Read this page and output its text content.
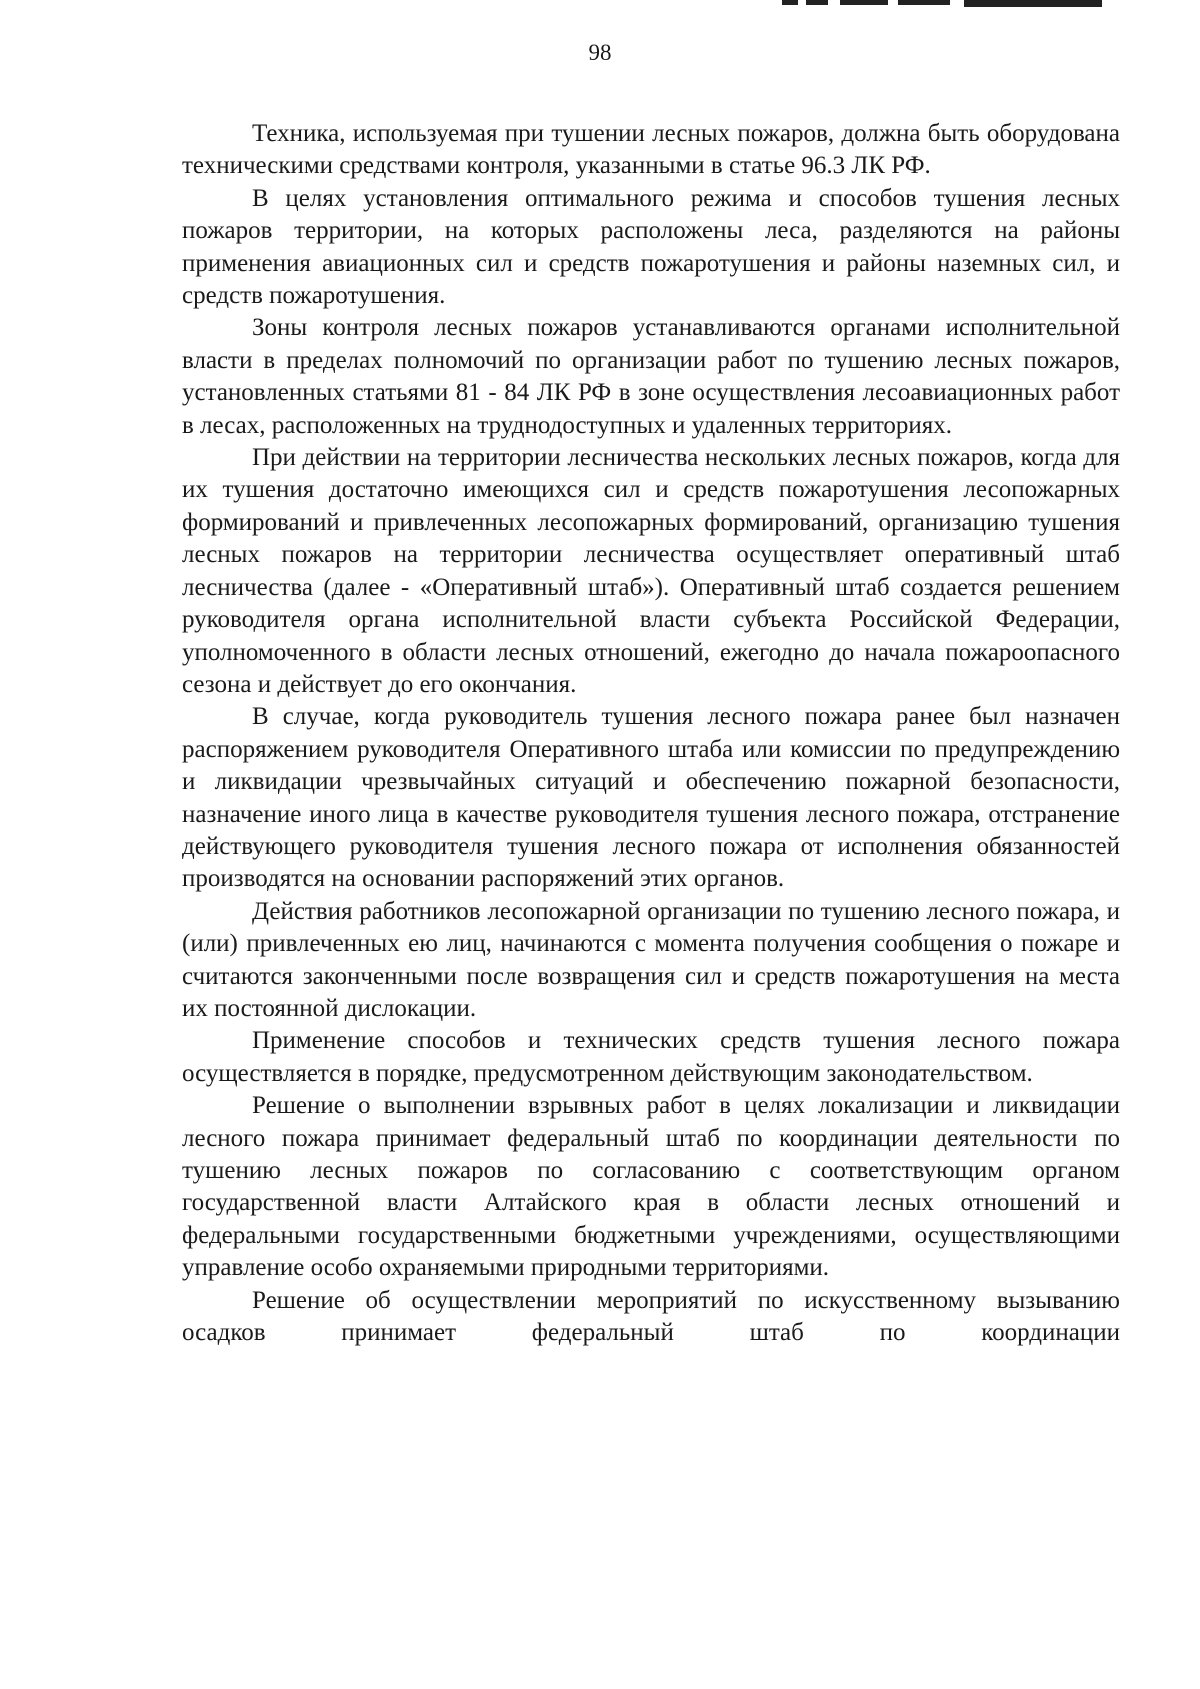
98

Техника, используемая при тушении лесных пожаров, должна быть оборудована техническими средствами контроля, указанными в статье 96.3 ЛК РФ.

В целях установления оптимального режима и способов тушения лесных пожаров территории, на которых расположены леса, разделяются на районы применения авиационных сил и средств пожаротушения и районы наземных сил, и средств пожаротушения.

Зоны контроля лесных пожаров устанавливаются органами исполнительной власти в пределах полномочий по организации работ по тушению лесных пожаров, установленных статьями 81 - 84 ЛК РФ в зоне осуществления лесоавиационных работ в лесах, расположенных на труднодоступных и удаленных территориях.

При действии на территории лесничества нескольких лесных пожаров, когда для их тушения достаточно имеющихся сил и средств пожаротушения лесопожарных формирований и привлеченных лесопожарных формирований, организацию тушения лесных пожаров на территории лесничества осуществляет оперативный штаб лесничества (далее - «Оперативный штаб»). Оперативный штаб создается решением руководителя органа исполнительной власти субъекта Российской Федерации, уполномоченного в области лесных отношений, ежегодно до начала пожароопасного сезона и действует до его окончания.

В случае, когда руководитель тушения лесного пожара ранее был назначен распоряжением руководителя Оперативного штаба или комиссии по предупреждению и ликвидации чрезвычайных ситуаций и обеспечению пожарной безопасности, назначение иного лица в качестве руководителя тушения лесного пожара, отстранение действующего руководителя тушения лесного пожара от исполнения обязанностей производятся на основании распоряжений этих органов.

Действия работников лесопожарной организации по тушению лесного пожара, и (или) привлеченных ею лиц, начинаются с момента получения сообщения о пожаре и считаются законченными после возвращения сил и средств пожаротушения на места их постоянной дислокации.

Применение способов и технических средств тушения лесного пожара осуществляется в порядке, предусмотренном действующим законодательством.

Решение о выполнении взрывных работ в целях локализации и ликвидации лесного пожара принимает федеральный штаб по координации деятельности по тушению лесных пожаров по согласованию с соответствующим органом государственной власти Алтайского края в области лесных отношений и федеральными государственными бюджетными учреждениями, осуществляющими управление особо охраняемыми природными территориями.

Решение об осуществлении мероприятий по искусственному вызыванию осадков принимает федеральный штаб по координации
